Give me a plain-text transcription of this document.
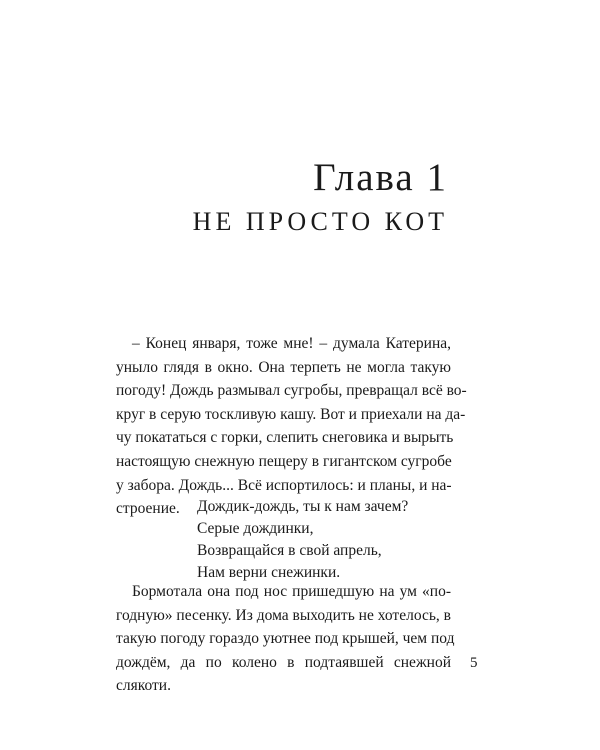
Глава 1
НЕ ПРОСТО КОТ
– Конец января, тоже мне! – думала Катерина,
уныло глядя в окно. Она терпеть не могла такую
погоду! Дождь размывал сугробы, превращал всё во-
круг в серую тоскливую кашу. Вот и приехали на да-
чу покататься с горки, слепить снеговика и вырыть
настоящую снежную пещеру в гигантском сугробе
у забора. Дождь... Всё испортилось: и планы, и на-
строение.	Дождик-дождь, ты к нам зачем?
Серые дождинки,
Возвращайся в свой апрель,
Нам верни снежинки.
Бормотала она под нос пришедшую на ум «по-
годную» песенку. Из дома выходить не хотелось, в
такую погоду гораздо уютнее под крышей, чем под
дождём, да по колено в подтаявшей снежной
слякоти.
5
